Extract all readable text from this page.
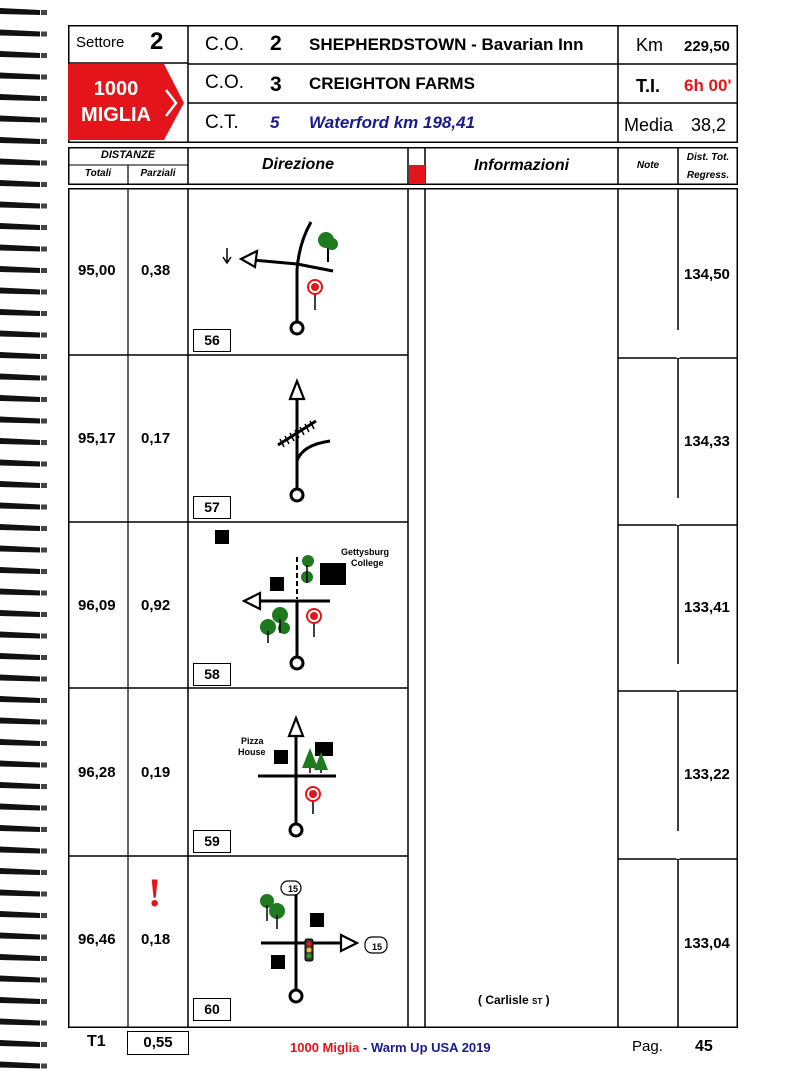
Settore 2
1000
MIGLIA
C.O. 2 SHEPHERDSTOWN - Bavarian Inn	Km 229,50
C.O. 3 CREIGHTON FARMS	T.I. 6h 00'
C.T. 5 Waterford km 198,41	Media 38,2
DISTANZE
Totali	Parziali
Direzione	Informazioni	Note
Dist. Tot.
Regress.
95,00 0,38	134,50
95,17 0,17	134,33
96,09 0,92	133,41
96,28 0,19	133,22
96,46 0,18	133,04
!
56
57
58
59
60
Gettysburg
College
Pizza
House
15
15
( Carlisle ST )
T1	0,55	1000 Miglia - Warm Up USA 2019	Pag. 45
